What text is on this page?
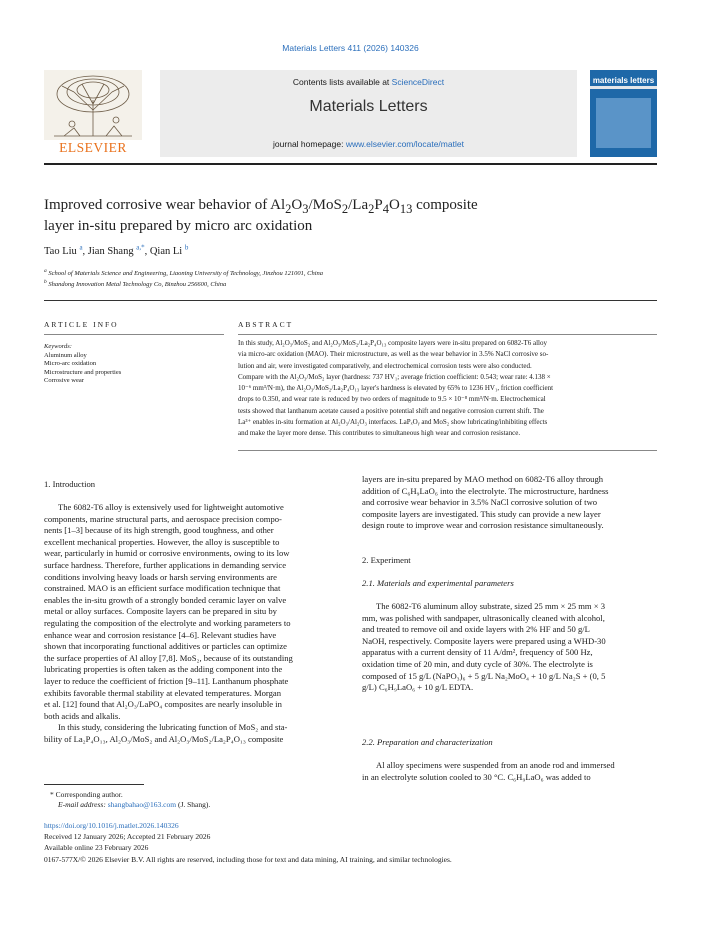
Materials Letters 411 (2026) 140326
ELSEVIER
Contents lists available at ScienceDirect
Materials Letters
journal homepage: www.elsevier.com/locate/matlet
materials letters
Improved corrosive wear behavior of $Al_2O_3/MoS_2/La_2P_4O_{13}$ composite
layer in-situ prepared by micro arc oxidation
Tao Liu $^a$, Jian Shang $^{a,*}$, Qian Li $^b$
$^a$ School of Materials Science and Engineering, Liaoning University of Technology, Jinzhou 121001, China
$^b$ Shandong Innovation Metal Technology Co, Binzhou 256600, China
ARTICLE INFO	ABSTRACT
Keywords:
Aluminum alloy
Micro-arc oxidation
Microstructure and properties
Corrosive wear
In this study, Al₂O₃/MoS₂ and Al₂O₃/MoS₂/La₂P₄O₁₃ composite layers were in-situ prepared on 6082-T6 alloy
via micro-arc oxidation (MAO). Their microstructure, as well as the wear behavior in 3.5% NaCl corrosive so-
lution and air, were investigated comparatively, and electrochemical corrosion tests were also conducted.
Compare with the Al₂O₃/MoS₂ layer (hardness: 737 HV₁; average friction coefficient: 0.543; wear rate: 4.138 ×
10⁻⁶ mm³/N·m), the Al₂O₃/MoS₂/La₂P₄O₁₃ layer's hardness is elevated by 65% to 1236 HV₁, friction coefficient
drops to 0.350, and wear rate is reduced by two orders of magnitude to 9.5 × 10⁻⁸ mm³/N·m. Electrochemical
tests showed that lanthanum acetate caused a positive potential shift and negative corrosion current shift. The
La³⁺ enables in-situ formation at Al₂O₃/Al₂O₃ interfaces. LaPₓOᵧ and MoS₂ show lubricating/inhibiting effects
and make the layer more dense. This contributes to simultaneous high wear and corrosion resistance.
1. Introduction
The 6082-T6 alloy is extensively used for lightweight automotive
components, marine structural parts, and aerospace precision compo-
nents [1–3] because of its high strength, good toughness, and other
excellent mechanical properties. However, the alloy is susceptible to
wear, particularly in humid or corrosive environments, owing to its low
surface hardness. Therefore, further applications in demanding service
conditions involving heavy loads or harsh serving environments are
constrained. MAO is an efficient surface modification technique that
enables the in-situ growth of a strongly bonded ceramic layer on valve
metal or alloy surfaces. Composite layers can be prepared in situ by
regulating the composition of the electrolyte and working parameters to
enhance wear and corrosion resistance [4–6]. Relevant studies have
shown that incorporating functional additives or particles can optimize
the surface properties of Al alloy [7,8]. MoS₂, because of its outstanding
lubricating properties is often taken as the adding component into the
layer to reduce the coefficient of friction [9–11]. Lanthanum phosphate
exhibits favorable thermal stability at elevated temperatures. Morgan
et al. [12] found that Al₂O₃/LaPO₄ composites are nearly insoluble in
both acids and alkalis.
In this study, considering the lubricating function of MoS₂ and sta-
bility of La₂P₄O₁₃, Al₂O₃/MoS₂ and Al₂O₃/MoS₂/La₂P₄O₁₃ composite
layers are in-situ prepared by MAO method on 6082-T6 alloy through
addition of C₆H₉LaO₆ into the electrolyte. The microstructure, hardness
and corrosive wear behavior in 3.5% NaCl corrosive solution of two
composite layers are investigated. This study can provide a new layer
design route to improve wear and corrosion resistance simultaneously.
2. Experiment
2.1. Materials and experimental parameters
The 6082-T6 aluminum alloy substrate, sized 25 mm × 25 mm × 3
mm, was polished with sandpaper, ultrasonically cleaned with alcohol,
and treated to remove oil and oxide layers with 2% HF and 50 g/L
NaOH, respectively. Composite layers were prepared using a WHD-30
apparatus with a current density of 11 A/dm², frequency of 500 Hz,
oxidation time of 20 min, and duty cycle of 30%. The electrolyte is
composed of 15 g/L (NaPO₃)₆ + 5 g/L Na₂MoO₄ + 10 g/L Na₂S + (0, 5
g/L) C₆H₉LaO₆ + 10 g/L EDTA.
2.2. Preparation and characterization
Al alloy specimens were suspended from an anode rod and immersed
in an electrolyte solution cooled to 30 °C. C₆H₉LaO₆ was added to
* Corresponding author.
E-mail address: shangbahao@163.com (J. Shang).
https://doi.org/10.1016/j.matlet.2026.140326
Received 12 January 2026; Accepted 21 February 2026
Available online 23 February 2026
0167-577X/© 2026 Elsevier B.V. All rights are reserved, including those for text and data mining, AI training, and similar technologies.
